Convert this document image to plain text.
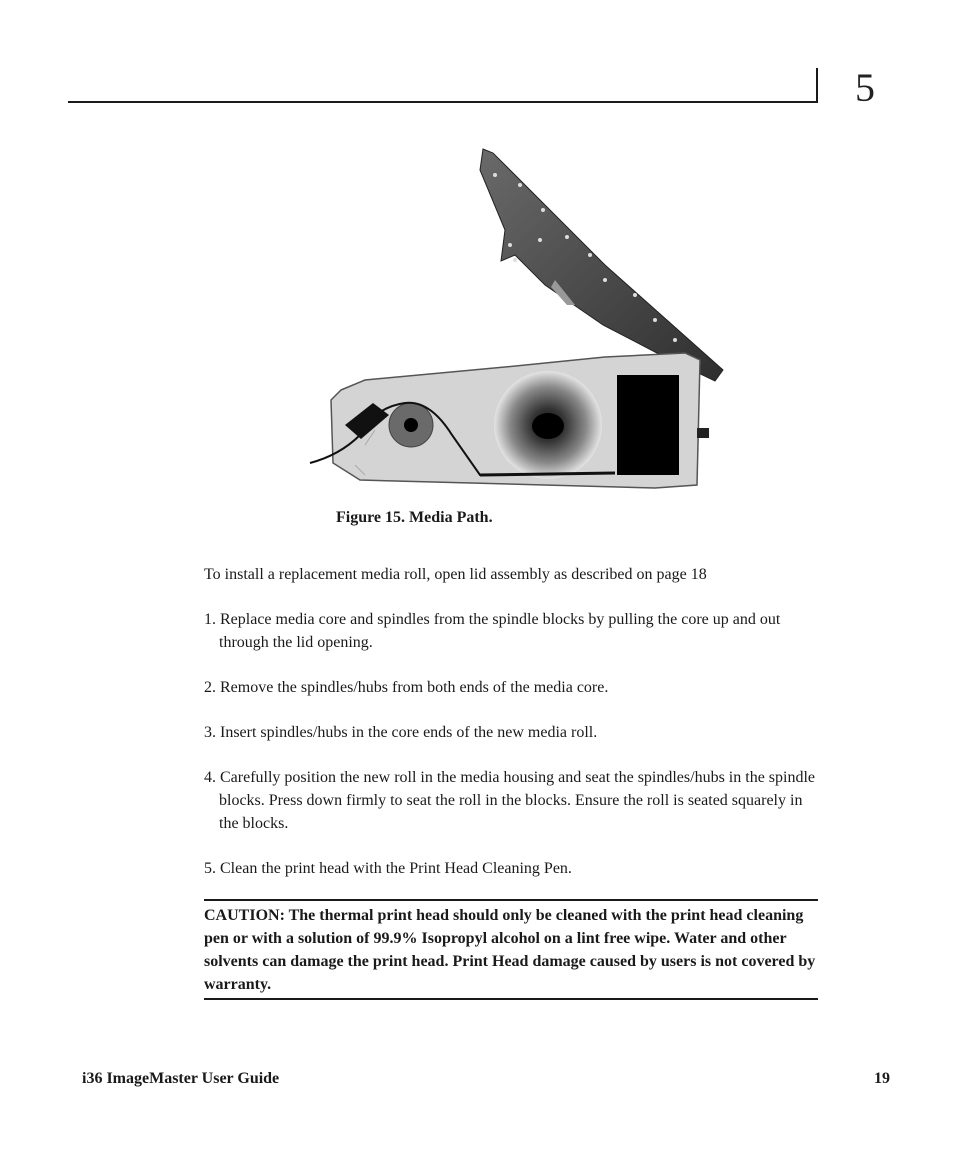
5
Figure 15. Media Path.

To install a replacement media roll, open lid assembly as described on page 18

1. Replace media core and spindles from the spindle blocks by pulling the core up and out through the lid opening.

2. Remove the spindles/hubs from both ends of the media core.

3. Insert spindles/hubs in the core ends of the new media roll.

4. Carefully position the new roll in the media housing and seat the spindles/hubs in the spindle blocks. Press down firmly to seat the roll in the blocks. Ensure the roll is seated squarely in the blocks.

5. Clean the print head with the Print Head Cleaning Pen.

CAUTION: The thermal print head should only be cleaned with the print head cleaning pen or with a solution of 99.9% Isopropyl alcohol on a lint free wipe. Water and other solvents can damage the print head. Print Head damage caused by users is not covered by warranty.
i36 ImageMaster User Guide	19
